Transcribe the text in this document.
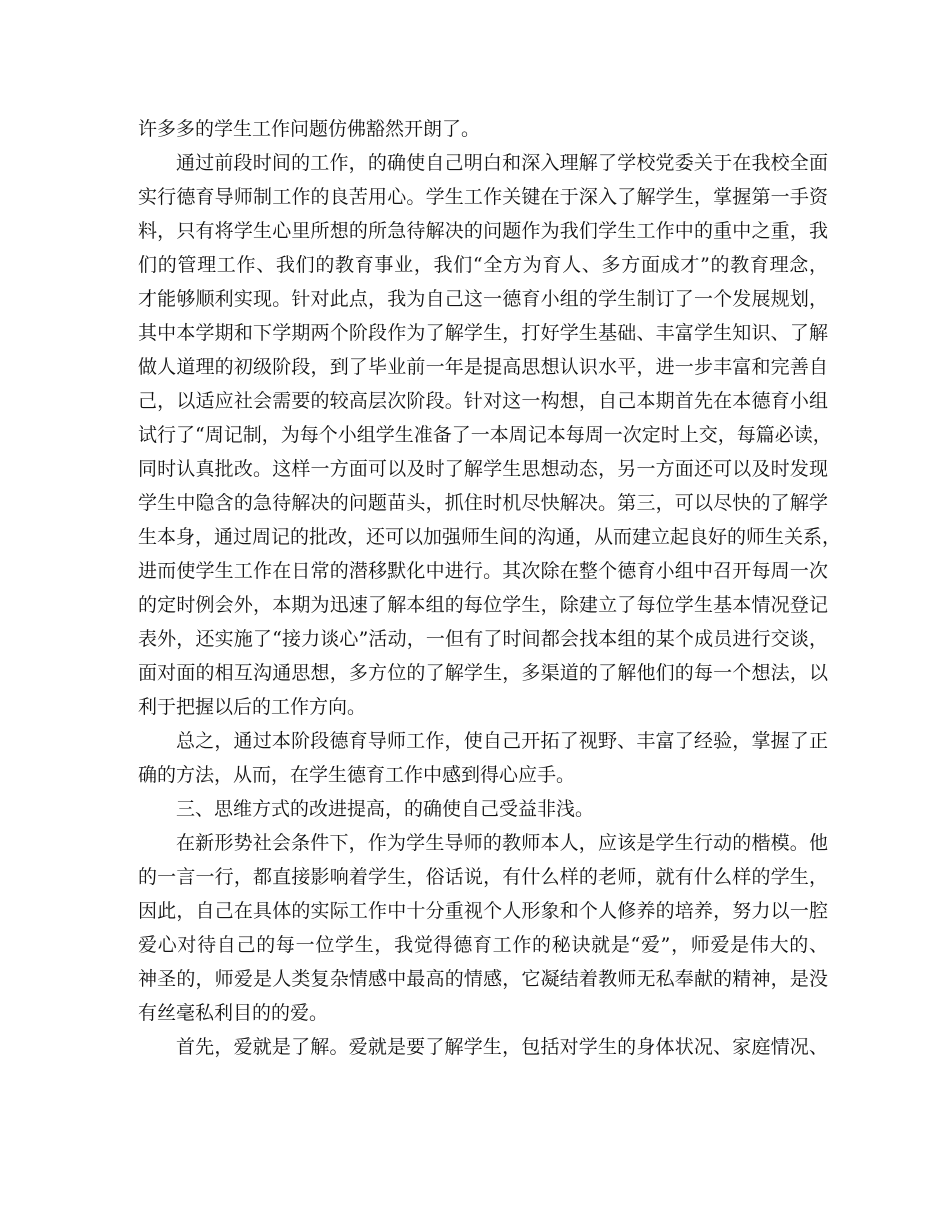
许多多的学生工作问题仿佛豁然开朗了。
通过前段时间的工作，的确使自己明白和深入理解了学校党委关于在我校全面
实行德育导师制工作的良苦用心。学生工作关键在于深入了解学生，掌握第一手资
料，只有将学生心里所想的所急待解决的问题作为我们学生工作中的重中之重，我
们的管理工作、我们的教育事业，我们“全方为育人、多方面成才”的教育理念，
才能够顺利实现。针对此点，我为自己这一德育小组的学生制订了一个发展规划，
其中本学期和下学期两个阶段作为了解学生，打好学生基础、丰富学生知识、了解
做人道理的初级阶段，到了毕业前一年是提高思想认识水平，进一步丰富和完善自
己，以适应社会需要的较高层次阶段。针对这一构想，自己本期首先在本德育小组
试行了“周记制，为每个小组学生准备了一本周记本每周一次定时上交，每篇必读，
同时认真批改。这样一方面可以及时了解学生思想动态，另一方面还可以及时发现
学生中隐含的急待解决的问题苗头，抓住时机尽快解决。第三，可以尽快的了解学
生本身，通过周记的批改，还可以加强师生间的沟通，从而建立起良好的师生关系，
进而使学生工作在日常的潜移默化中进行。其次除在整个德育小组中召开每周一次
的定时例会外，本期为迅速了解本组的每位学生，除建立了每位学生基本情况登记
表外，还实施了“接力谈心”活动，一但有了时间都会找本组的某个成员进行交谈，
面对面的相互沟通思想，多方位的了解学生，多渠道的了解他们的每一个想法，以
利于把握以后的工作方向。
总之，通过本阶段德育导师工作，使自己开拓了视野、丰富了经验，掌握了正
确的方法，从而，在学生德育工作中感到得心应手。
三、思维方式的改进提高，的确使自己受益非浅。
在新形势社会条件下，作为学生导师的教师本人，应该是学生行动的楷模。他
的一言一行，都直接影响着学生，俗话说，有什么样的老师，就有什么样的学生，
因此，自己在具体的实际工作中十分重视个人形象和个人修养的培养，努力以一腔
爱心对待自己的每一位学生，我觉得德育工作的秘诀就是“爱”，师爱是伟大的、
神圣的，师爱是人类复杂情感中最高的情感，它凝结着教师无私奉献的精神，是没
有丝毫私利目的的爱。
首先，爱就是了解。爱就是要了解学生，包括对学生的身体状况、家庭情况、
